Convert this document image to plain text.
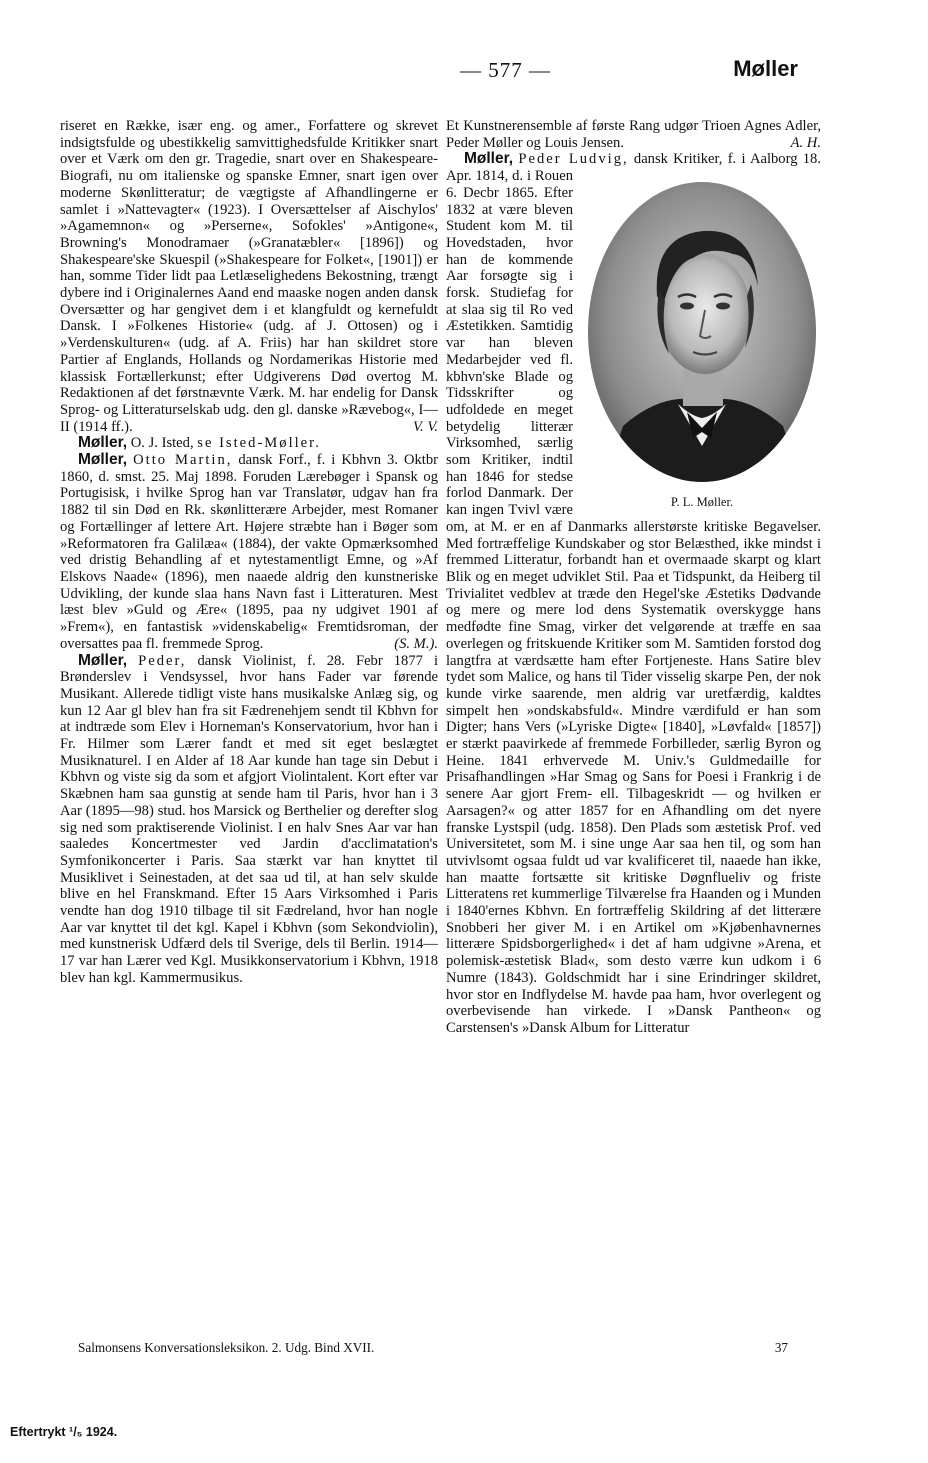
— 577 —	Møller

riseret en Række, især eng. og amer., Forfattere og skrevet indsigtsfulde og ubestikkelig samvittighedsfulde Kritikker snart over et Værk om den gr. Tragedie, snart over en Shakespeare-Biografi, nu om italienske og spanske Emner, snart igen over moderne Skønlitteratur; de vægtigste af Afhandlingerne er samlet i »Nattevagter« (1923). I Oversættelser af Aischylos' »Agamemnon« og »Perserne«, Sofokles' »Antigone«, Browning's Monodramaer (»Granatæbler« [1896]) og Shakespeare'ske Skuespil (»Shakespeare for Folket«, [1901]) er han, somme Tider lidt paa Letlæselighedens Bekostning, trængt dybere ind i Originalernes Aand end maaske nogen anden dansk Oversætter og har gengivet dem i et klangfuldt og kernefuldt Dansk. I »Folkenes Historie« (udg. af J. Ottosen) og i »Verdenskulturen« (udg. af A. Friis) har han skildret store Partier af Englands, Hollands og Nordamerikas Historie med klassisk Fortællerkunst; efter Udgiverens Død overtog M. Redaktionen af det førstnævnte Værk. M. har endelig for Dansk Sprog- og Litteraturselskab udg. den gl. danske »Rævebog«, I—II (1914 ff.).	V. V.

Møller, O. J. Isted, se Isted-Møller.

Møller, Otto Martin, dansk Forf., f. i Kbhvn 3. Oktbr 1860, d. smst. 25. Maj 1898. Foruden Lærebøger i Spansk og Portugisisk, i hvilke Sprog han var Translatør, udgav han fra 1882 til sin Død en Rk. skønlitterære Arbejder, mest Romaner og Fortællinger af lettere Art. Højere stræbte han i Bøger som »Reformatoren fra Galilæa« (1884), der vakte Opmærksomhed ved dristig Behandling af et nytestamentligt Emne, og »Af Elskovs Naade« (1896), men naaede aldrig den kunstneriske Udvikling, der kunde slaa hans Navn fast i Litteraturen. Mest læst blev »Guld og Ære« (1895, paa ny udgivet 1901 af »Frem«), en fantastisk »videnskabelig« Fremtidsroman, der oversattes paa fl. fremmede Sprog.	(S. M.).

Møller, Peder, dansk Violinist, f. 28. Febr 1877 i Brønderslev i Vendsyssel, hvor hans Fader var førende Musikant. Allerede tidligt viste hans musikalske Anlæg sig, og kun 12 Aar gl blev han fra sit Fædrenehjem sendt til Kbhvn for at indtræde som Elev i Horneman's Konservatorium, hvor han i Fr. Hilmer som Lærer fandt et med sit eget beslægtet Musiknaturel. I en Alder af 18 Aar kunde han tage sin Debut i Kbhvn og viste sig da som et afgjort Violintalent. Kort efter var Skæbnen ham saa gunstig at sende ham til Paris, hvor han i 3 Aar (1895—98) stud. hos Marsick og Berthelier og derefter slog sig ned som praktiserende Violinist. I en halv Snes Aar var han saaledes Koncertmester ved Jardin d'acclimatation's Symfonikoncerter i Paris. Saa stærkt var han knyttet til Musiklivet i Seinestaden, at det saa ud til, at han selv skulde blive en hel Franskmand. Efter 15 Aars Virksomhed i Paris vendte han dog 1910 tilbage til sit Fædreland, hvor han nogle Aar var knyttet til det kgl. Kapel i Kbhvn (som Sekondviolin), med kunstnerisk Udfærd dels til Sverige, dels til Berlin. 1914—17 var han Lærer ved Kgl. Musikkonservatorium i Kbhvn, 1918 blev han kgl. Kammermusikus.

Et Kunstnerensemble af første Rang udgør Trioen Agnes Adler, Peder Møller og Louis Jensen.	A. H.

Møller, Peder Ludvig,
P. L. Møller.
dansk Kritiker, f. i Aalborg 18. Apr. 1814, d. i Rouen 6. Decbr 1865. Efter 1832 at være bleven Student kom M. til Hovedstaden, hvor han de kommende Aar forsøgte sig i forsk. Studiefag for at slaa sig til Ro ved Æstetikken. Samtidig var han bleven Medarbejder ved fl. kbhvn'ske Blade og Tidsskrifter og udfoldede en meget betydelig litterær Virksomhed, særlig som Kritiker, indtil han 1846 for stedse forlod Danmark. Der kan ingen Tvivl være om, at M. er en af Danmarks allerstørste kritiske Begavelser. Med fortræffelige Kundskaber og stor Belæsthed, ikke mindst i fremmed Litteratur, forbandt han et overmaade skarpt og klart Blik og en meget udviklet Stil. Paa et Tidspunkt, da Heiberg til Trivialitet vedblev at træde den Hegel'ske Æstetiks Dødvande og mere og mere lod dens Systematik overskygge hans medfødte fine Smag, virker det velgørende at træffe en saa overlegen og fritskuende Kritiker som M. Samtiden forstod dog langtfra at værdsætte ham efter Fortjeneste. Hans Satire blev tydet som Malice, og hans til Tider visselig skarpe Pen, der nok kunde virke saarende, men aldrig var uretfærdig, kaldtes simpelt hen »ondskabsfuld«. Mindre værdifuld er han som Digter; hans Vers (»Lyriske Digte« [1840], »Løvfald« [1857]) er stærkt paavirkede af fremmede Forbilleder, særlig Byron og Heine. 1841 erhvervede M. Univ.'s Guldmedaille for Prisafhandlingen »Har Smag og Sans for Poesi i Frankrig i de senere Aar gjort Frem- ell. Tilbageskridt — og hvilken er Aarsagen?« og atter 1857 for en Afhandling om det nyere franske Lystspil (udg. 1858). Den Plads som æstetisk Prof. ved Universitetet, som M. i sine unge Aar saa hen til, og som han utvivlsomt ogsaa fuldt ud var kvalificeret til, naaede han ikke, han maatte fortsætte sit kritiske Døgnflueliv og friste Litteratens ret kummerlige Tilværelse fra Haanden og i Munden i 1840'ernes Kbhvn. En fortræffelig Skildring af det litterære Snobberi her giver M. i en Artikel om »Kjøbenhavnernes litterære Spidsborgerlighed« i det af ham udgivne »Arena, et polemisk-æstetisk Blad«, som desto værre kun udkom i 6 Numre (1843). Goldschmidt har i sine Erindringer skildret, hvor stor en Indflydelse M. havde paa ham, hvor overlegent og overbevisende han virkede. I »Dansk Pantheon« og Carstensen's »Dansk Album for Litteratur

Salmonsens Konversationsleksikon. 2. Udg. Bind XVII.	37
Eftertrykt ¹/₅ 1924.
